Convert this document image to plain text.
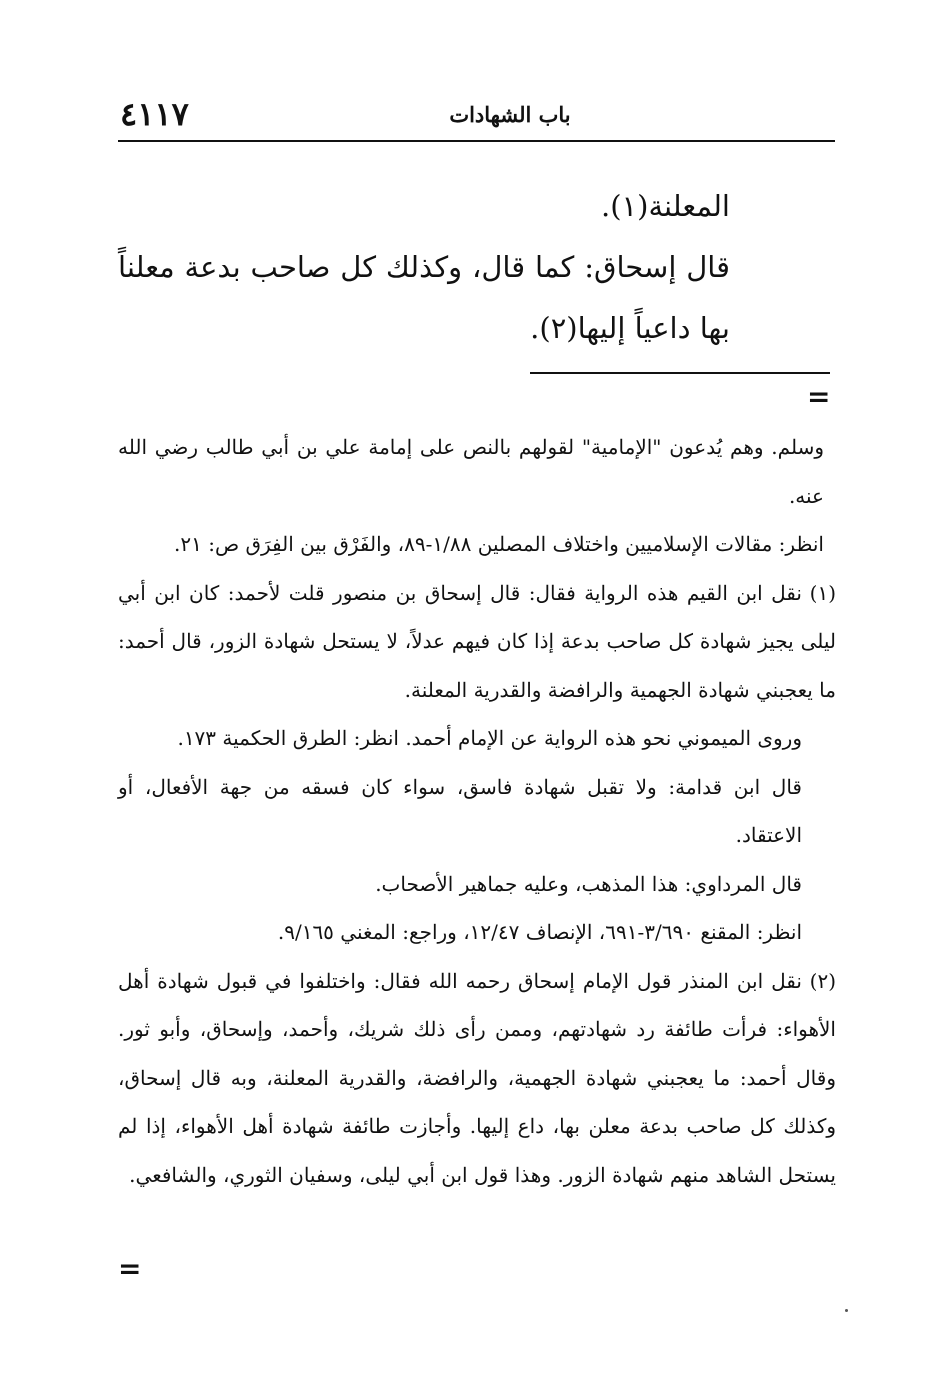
٤١١٧	باب الشهادات

المعلنة(١).

قال إسحاق: كما قال، وكذلك كل صاحب بدعة معلناً بها داعياً إليها(٢).

=

وسلم. وهم يُدعون "الإمامية" لقولهم بالنص على إمامة علي بن أبي طالب رضي الله عنه.

انظر: مقالات الإسلاميين واختلاف المصلين ١/٨٨-٨٩، والفَرْق بين الفِرَق ص: ٢١.

(١)نقل ابن القيم هذه الرواية فقال: قال إسحاق بن منصور قلت لأحمد: كان ابن أبي ليلى يجيز شهادة كل صاحب بدعة إذا كان فيهم عدلاً، لا يستحل شهادة الزور، قال أحمد: ما يعجبني شهادة الجهمية والرافضة والقدرية المعلنة.

وروى الميموني نحو هذه الرواية عن الإمام أحمد. انظر: الطرق الحكمية ١٧٣.

قال ابن قدامة: ولا تقبل شهادة فاسق، سواء كان فسقه من جهة الأفعال، أو الاعتقاد.

قال المرداوي: هذا المذهب، وعليه جماهير الأصحاب.

انظر: المقنع ٣/٦٩٠-٦٩١، الإنصاف ١٢/٤٧، وراجع: المغني ٩/١٦٥.

(٢)نقل ابن المنذر قول الإمام إسحاق رحمه الله فقال: واختلفوا في قبول شهادة أهل الأهواء: فرأت طائفة رد شهادتهم، وممن رأى ذلك شريك، وأحمد، وإسحاق، وأبو ثور. وقال أحمد: ما يعجبني شهادة الجهمية، والرافضة، والقدرية المعلنة، وبه قال إسحاق، وكذلك كل صاحب بدعة معلن بها، داع إليها. وأجازت طائفة شهادة أهل الأهواء، إذا لم يستحل الشاهد منهم شهادة الزور. وهذا قول ابن أبي ليلى، وسفيان الثوري، والشافعي.

=
